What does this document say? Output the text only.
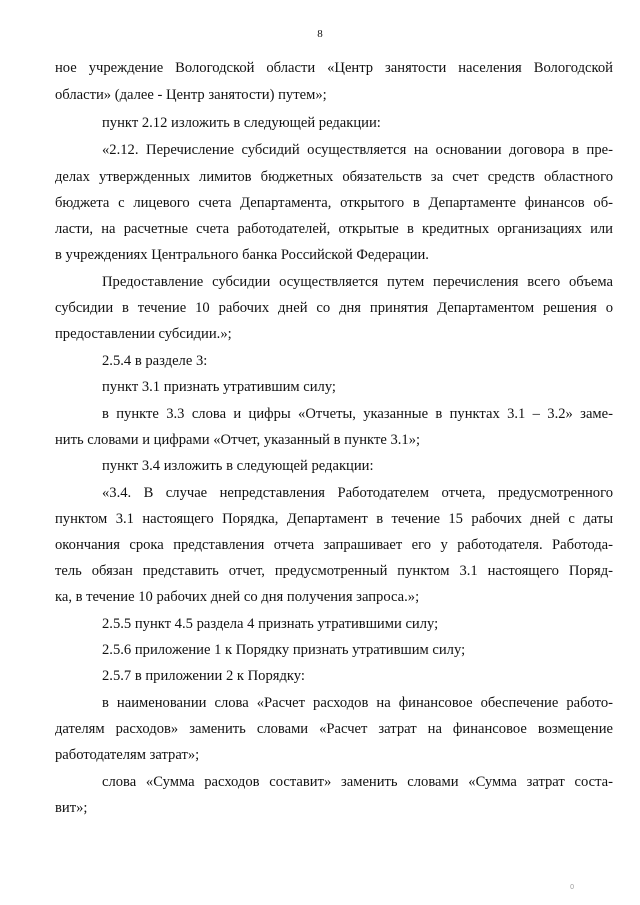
8
ное учреждение Вологодской области «Центр занятости населения Вологодской
области» (далее - Центр занятости) путем»;
пункт 2.12 изложить в следующей редакции:
«2.12. Перечисление субсидий осуществляется на основании договора в пре-
делах утвержденных лимитов бюджетных обязательств за счет средств областного
бюджета с лицевого счета Департамента, открытого в Департаменте финансов об-
ласти, на расчетные счета работодателей, открытые в кредитных организациях или
в учреждениях Центрального банка Российской Федерации.
Предоставление субсидии осуществляется путем перечисления всего объема
субсидии в течение 10 рабочих дней со дня принятия Департаментом решения о
предоставлении субсидии.»;
2.5.4 в разделе 3:
пункт 3.1 признать утратившим силу;
в пункте 3.3 слова и цифры «Отчеты, указанные в пунктах 3.1 – 3.2» заме-
нить словами и цифрами «Отчет, указанный в пункте 3.1»;
пункт 3.4 изложить в следующей редакции:
«3.4. В случае непредставления Работодателем отчета, предусмотренного
пунктом 3.1 настоящего Порядка, Департамент в течение 15 рабочих дней с даты
окончания срока представления отчета запрашивает его у работодателя. Работода-
тель обязан представить отчет, предусмотренный пунктом 3.1 настоящего Поряд-
ка, в течение 10 рабочих дней со дня получения запроса.»;
2.5.5 пункт 4.5 раздела 4 признать утратившими силу;
2.5.6 приложение 1 к Порядку признать утратившим силу;
2.5.7 в приложении 2 к Порядку:
в наименовании слова «Расчет расходов на финансовое обеспечение работо-
дателям расходов» заменить словами «Расчет затрат на финансовое возмещение
работодателям затрат»;
слова «Сумма расходов составит» заменить словами «Сумма затрат соста-
вит»;
0
